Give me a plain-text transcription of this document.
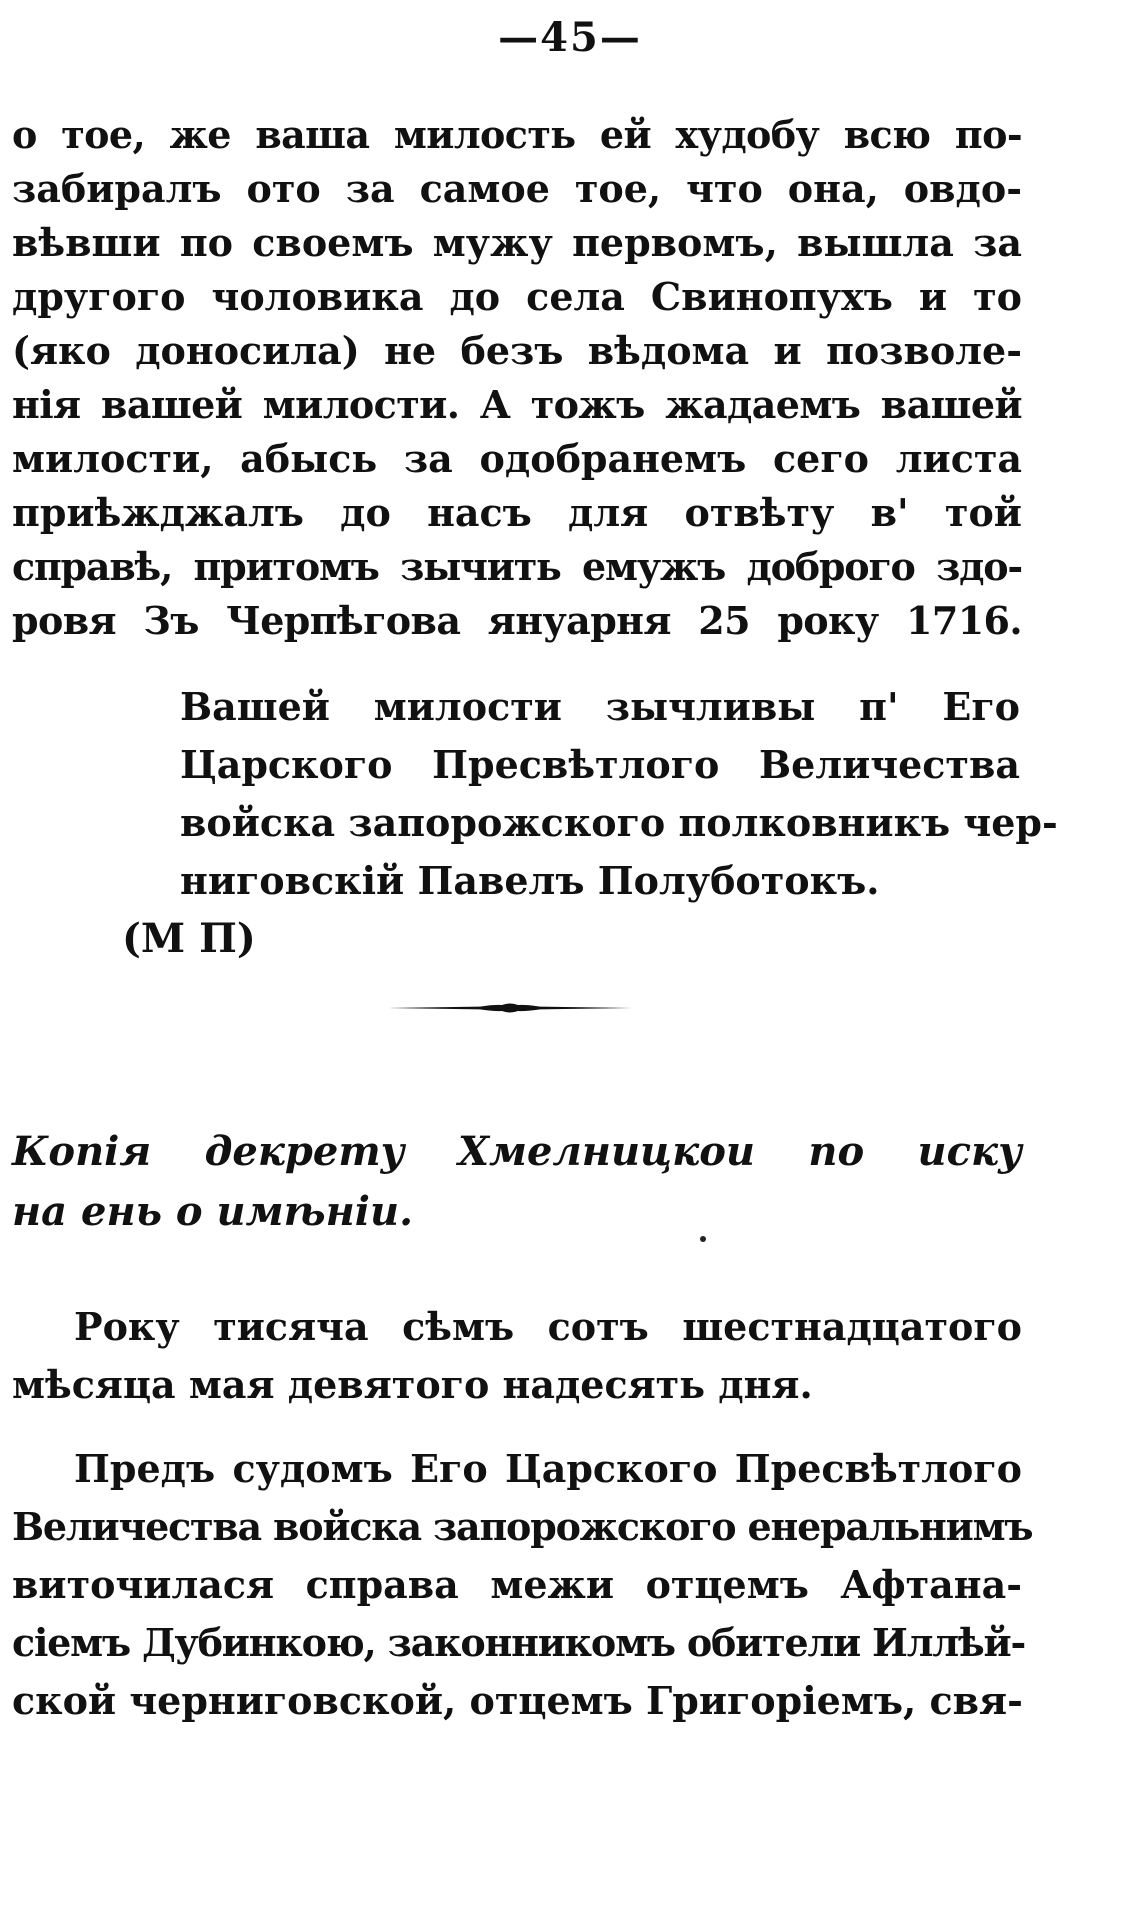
—45—
о тое, же ваша милость ей худобу всю по-
забиралъ ото за самое тое, что она, овдо-
вѣвши по своемъ мужу первомъ, вышла за
другого чоловика до села Свинопухъ и то
(яко доносила) не безъ вѣдома и позволе-
нія вашей милости. А тожъ жадаемъ вашей
милости, абысь за одобранемъ сего листа
приѣжджалъ до насъ для отвѣту в' той
справѣ, притомъ зычить емужъ доброго здо-
ровя Зъ Черпѣгова януарня 25 року 1716.
Вашей милости зычливы п' Его
Царского Пресвѣтлого Величества
войска запорожского полковникъ чер-
ниговскій Павелъ Полуботокъ.
(М П)
Копія декрету Хмелницкои по иску
на ень о имѣніи.
Року тисяча сѣмъ сотъ шестнадцатого
мѣсяца мая девятого надесять дня.
Предъ судомъ Его Царского Пресвѣтлого
Величества войска запорожского енеральнимъ
виточилася справа межи отцемъ Афтана-
сіемъ Дубинкою, законникомъ обители Иллѣй-
ской черниговской, отцемъ Григоріемъ, свя-
